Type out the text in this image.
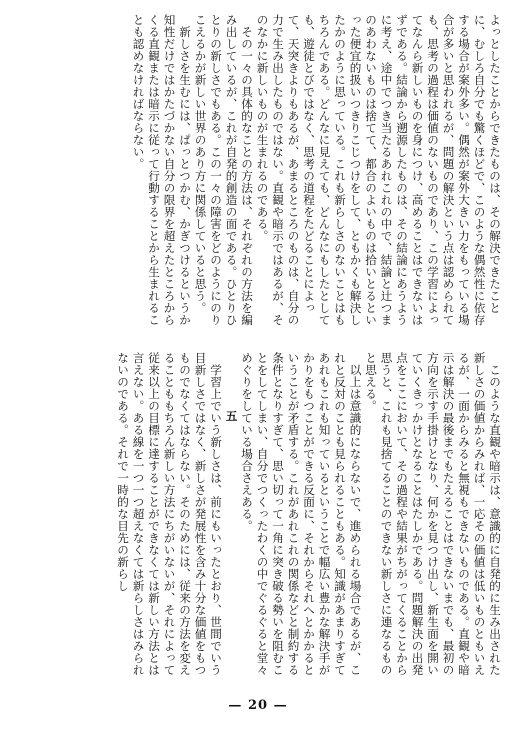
よっとしたことからできたものは、その解決できたことに、むしろ自分でも驚くほどで、このような偶然性に依存する場合が案外多い。偶然が案外大きい力をもっている場合が多いと思われるが、問題の解決という点は認められても、思考の過程は価値のないものであり、この学習によってなんら新しいものを身につけ、高めることはできないはずである。結論から遡源したものは、その結論にあうように考え、途中でつき当たるあれこれの中で、結論と辻つまのあわないものは捨てて、都合のよいものは拾いとるといった便宜的扱いつきりこじつけをして、ともかくも解決したかのように思っている。これも新らしさのないことはもちろんである。どんなに見えても、どんなにもしたとしても、遊徒とびではなく、思考の道程をたどることによって、天突きよりもあるが、あまるところのものは、自分の力で生み出したものではない。直観や暗示ではあるが、そのなかに新しいものが生まれるのである。

その一々の具体的なことの方法は、それぞれの方法を編み出しているが、これが自発的創造の面である。ひとりひとりの新しさでもある。この一々の障害をどのようにのりこえるかが新しい世界のあり方に関係していると思う。

新しさを生むには、ぱっとつかむ、かぎつけるというか知性だけではかたづかない自分の限界を超えたところからくる直観または暗示に従って行動することから生まれることも認めなければならない。

このような直観や暗示は、意識的に自発的に生み出された新しさの価値からみれば、一応その価値は低いものともいえるが、一面からみると無視もできないものである。直観や暗示は解決の最後までもたえることはできないまでも、最初の方向を示す手掛けとなり、何かを見つけ出し、新生面を開いていくきっかけとなることはたしかである。問題解決の出発点をここにおいて、その過程や結果がちがってくることから思うと、これも見捨てることのできない新しさに連なるものと思える。

以上は意識的にならないで、進められる場合であるが、これと反対のことも見られることもある。知識があまりすぎてあれもこれも知っているということで幅広い豊かな解決手がかりをもつことができる反面に、それからそれへとかかるということが矛盾する。これがあれこれの関係などと制約する条件となりすぎて、思い切って一角に突き破る勢いを阻むことをしてしまい、自分でつくったわくの中でぐるぐると堂々めぐりをしている場合さえある。

五

学習上でいう新しさは、前にもいったとおり、世間でいう目新しさではなく、新しさが発展性を含み十分な価値をもつものでなくてはならない。そのためには、従来の方法を変えることももちろん新しい方法にちがいないが、それによって従来以上の目標に達することができなくては新しい方法とは言えない。ある線を一つ一つ超えなくては新らしさはみられないのである。それで一時的な目先の新らし

— 20 —
